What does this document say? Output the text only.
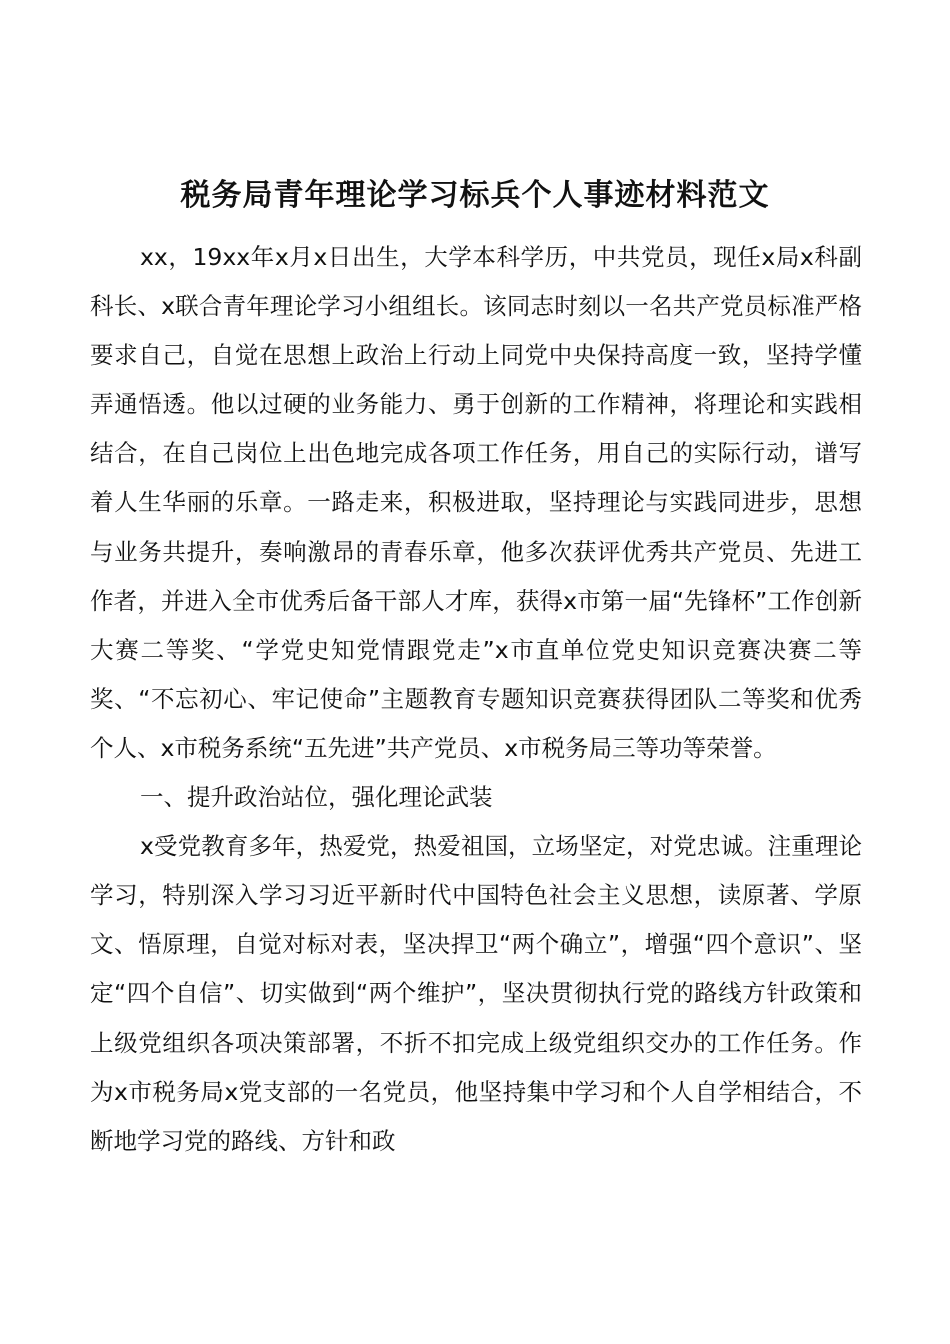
税务局青年理论学习标兵个人事迹材料范文

xx，19xx年x月x日出生，大学本科学历，中共党员，现任x局x科副科长、x联合青年理论学习小组组长。该同志时刻以一名共产党员标准严格要求自己，自觉在思想上政治上行动上同党中央保持高度一致，坚持学懂弄通悟透。他以过硬的业务能力、勇于创新的工作精神，将理论和实践相结合，在自己岗位上出色地完成各项工作任务，用自己的实际行动，谱写着人生华丽的乐章。一路走来，积极进取，坚持理论与实践同进步，思想与业务共提升，奏响激昂的青春乐章，他多次获评优秀共产党员、先进工作者，并进入全市优秀后备干部人才库，获得x市第一届“先锋杯”工作创新大赛二等奖、“学党史知党情跟党走”x市直单位党史知识竞赛决赛二等奖、“不忘初心、牢记使命”主题教育专题知识竞赛获得团队二等奖和优秀个人、x市税务系统“五先进”共产党员、x市税务局三等功等荣誉。

一、提升政治站位，强化理论武装

x受党教育多年，热爱党，热爱祖国，立场坚定，对党忠诚。注重理论学习，特别深入学习习近平新时代中国特色社会主义思想，读原著、学原文、悟原理，自觉对标对表，坚决捍卫“两个确立”，增强“四个意识”、坚定“四个自信”、切实做到“两个维护”，坚决贯彻执行党的路线方针政策和上级党组织各项决策部署，不折不扣完成上级党组织交办的工作任务。作为x市税务局x党支部的一名党员，他坚持集中学习和个人自学相结合，不断地学习党的路线、方针和政
